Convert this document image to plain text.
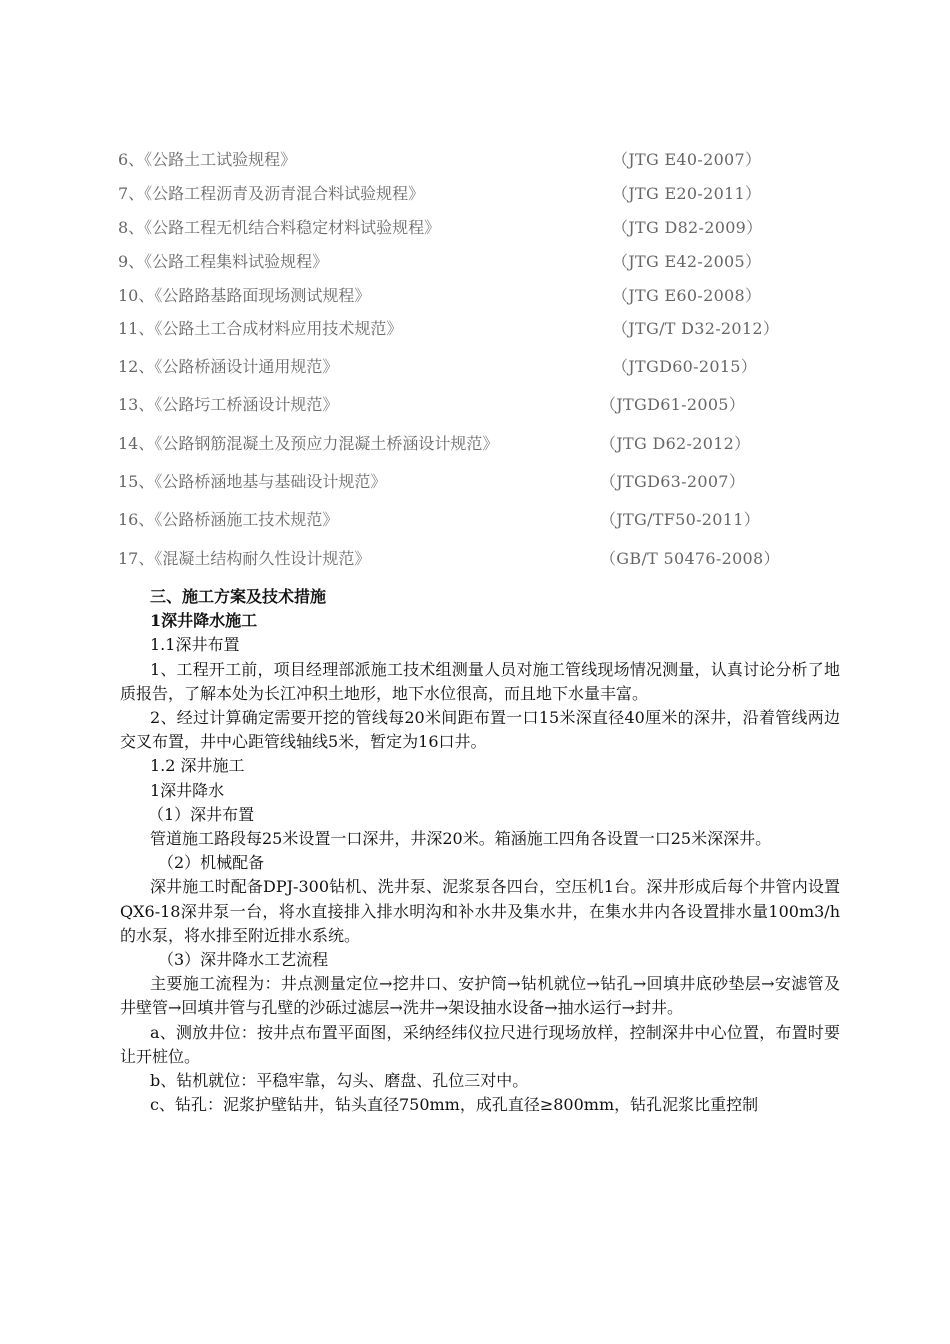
6、《公路土工试验规程》	（JTG E40-2007）
7、《公路工程沥青及沥青混合料试验规程》	（JTG E20-2011）
8、《公路工程无机结合料稳定材料试验规程》	（JTG D82-2009）
9、《公路工程集料试验规程》	（JTG E42-2005）
10、《公路路基路面现场测试规程》	（JTG E60-2008）
11、《公路土工合成材料应用技术规范》	（JTG/T D32-2012）
12、《公路桥涵设计通用规范》	（JTGD60-2015）
13、《公路圬工桥涵设计规范》	（JTGD61-2005）
14、《公路钢筋混凝土及预应力混凝土桥涵设计规范》	（JTG D62-2012）
15、《公路桥涵地基与基础设计规范》	（JTGD63-2007）
16、《公路桥涵施工技术规范》	（JTG/TF50-2011）
17、《混凝土结构耐久性设计规范》	（GB/T 50476-2008）

三、施工方案及技术措施

1深井降水施工

1.1深井布置

1、工程开工前，项目经理部派施工技术组测量人员对施工管线现场情况测量，认真讨论分析了地质报告，了解本处为长江冲积土地形，地下水位很高，而且地下水量丰富。

2、经过计算确定需要开挖的管线每20米间距布置一口15米深直径40厘米的深井，沿着管线两边交叉布置，井中心距管线轴线5米，暂定为16口井。

1.2 深井施工

1深井降水

（1）深井布置

管道施工路段每25米设置一口深井，井深20米。箱涵施工四角各设置一口25米深深井。

（2）机械配备

深井施工时配备DPJ-300钻机、洗井泵、泥浆泵各四台，空压机1台。深井形成后每个井管内设置QX6-18深井泵一台，将水直接排入排水明沟和补水井及集水井，在集水井内各设置排水量100m3/h的水泵，将水排至附近排水系统。

（3）深井降水工艺流程

主要施工流程为：井点测量定位→挖井口、安护筒→钻机就位→钻孔→回填井底砂垫层→安滤管及井壁管→回填井管与孔壁的沙砾过滤层→洗井→架设抽水设备→抽水运行→封井。

a、测放井位：按井点布置平面图，采纳经纬仪拉尺进行现场放样，控制深井中心位置，布置时要让开桩位。

b、钻机就位：平稳牢靠，勾头、磨盘、孔位三对中。

c、钻孔：泥浆护壁钻井，钻头直径750mm，成孔直径≥800mm，钻孔泥浆比重控制
